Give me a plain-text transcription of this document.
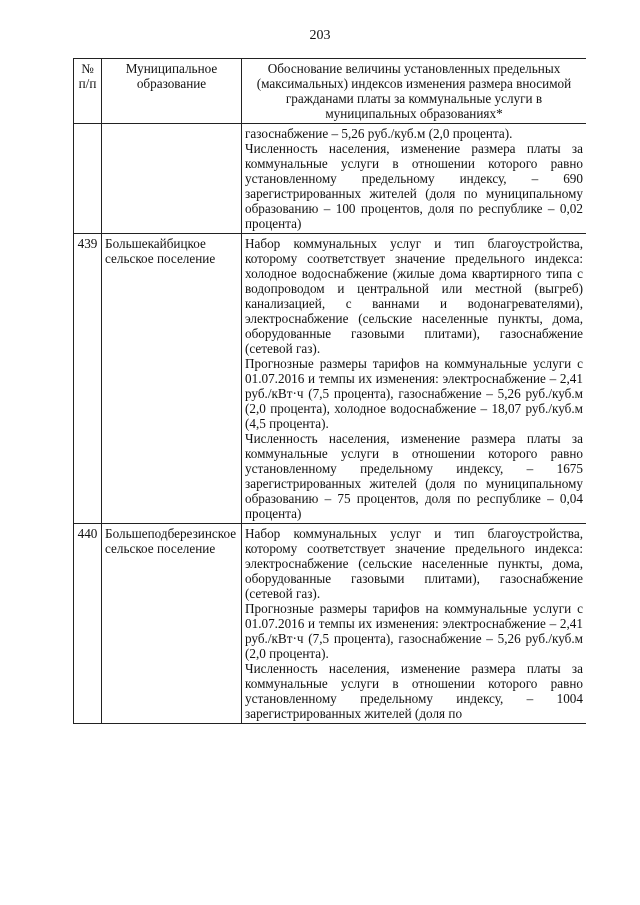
203
№ п/п	Муниципальное образование	Обоснование величины установленных предельных (максимальных) индексов изменения размера вносимой гражданами платы за коммунальные услуги в муниципальных образованиях*

		газоснабжение – 5,26 руб./куб.м (2,0 процента).

Численность населения, изменение размера платы за коммунальные услуги в отношении которого равно установленному предельному индексу, – 690 зарегистрированных жителей (доля по муниципальному образованию – 100 процентов, доля по республике – 0,02 процента)

439	Большекайбицкое сельское поселение	Набор коммунальных услуг и тип благоустройства, которому соответствует значение предельного индекса: холодное водоснабжение (жилые дома квартирного типа с водопроводом и центральной или местной (выгреб) канализацией, с ваннами и водонагревателями), электроснабжение (сельские населенные пункты, дома, оборудованные газовыми плитами), газоснабжение (сетевой газ).

Прогнозные размеры тарифов на коммунальные услуги с 01.07.2016 и темпы их изменения: электроснабжение – 2,41 руб./кВт·ч (7,5 процента), газоснабжение – 5,26 руб./куб.м (2,0 процента), холодное водоснабжение – 18,07 руб./куб.м (4,5 процента).

Численность населения, изменение размера платы за коммунальные услуги в отношении которого равно установленному предельному индексу, – 1675 зарегистрированных жителей (доля по муниципальному образованию – 75 процентов, доля по республике – 0,04 процента)

440	Большеподберезинское сельское поселение	Набор коммунальных услуг и тип благоустройства, которому соответствует значение предельного индекса: электроснабжение (сельские населенные пункты, дома, оборудованные газовыми плитами), газоснабжение (сетевой газ).

Прогнозные размеры тарифов на коммунальные услуги с 01.07.2016 и темпы их изменения: электроснабжение – 2,41 руб./кВт·ч (7,5 процента), газоснабжение – 5,26 руб./куб.м (2,0 процента).

Численность населения, изменение размера платы за коммунальные услуги в отношении которого равно установленному предельному индексу, – 1004 зарегистрированных жителей (доля по
